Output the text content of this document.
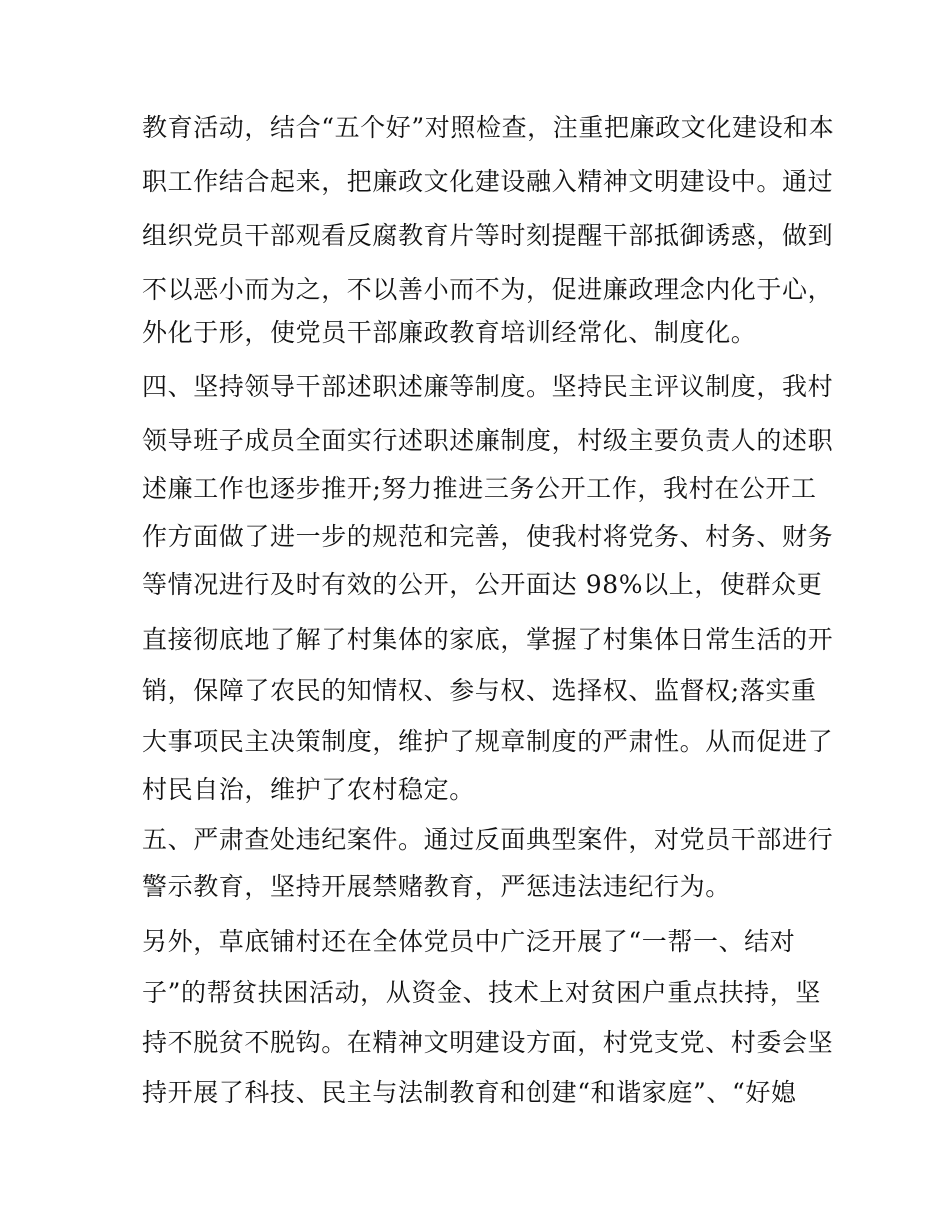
教育活动，结合“五个好”对照检查，注重把廉政文化建设和本
职工作结合起来，把廉政文化建设融入精神文明建设中。通过
组织党员干部观看反腐教育片等时刻提醒干部抵御诱惑，做到
不以恶小而为之，不以善小而不为，促进廉政理念内化于心，
外化于形，使党员干部廉政教育培训经常化、制度化。
四、坚持领导干部述职述廉等制度。坚持民主评议制度，我村
领导班子成员全面实行述职述廉制度，村级主要负责人的述职
述廉工作也逐步推开;努力推进三务公开工作，我村在公开工
作方面做了进一步的规范和完善，使我村将党务、村务、财务
等情况进行及时有效的公开，公开面达 98%以上，使群众更
直接彻底地了解了村集体的家底，掌握了村集体日常生活的开
销，保障了农民的知情权、参与权、选择权、监督权;落实重
大事项民主决策制度，维护了规章制度的严肃性。从而促进了
村民自治，维护了农村稳定。
五、严肃查处违纪案件。通过反面典型案件，对党员干部进行
警示教育，坚持开展禁赌教育，严惩违法违纪行为。
另外，草底铺村还在全体党员中广泛开展了“一帮一、结对
子”的帮贫扶困活动，从资金、技术上对贫困户重点扶持，坚
持不脱贫不脱钩。在精神文明建设方面，村党支党、村委会坚
持开展了科技、民主与法制教育和创建“和谐家庭”、“好媳
